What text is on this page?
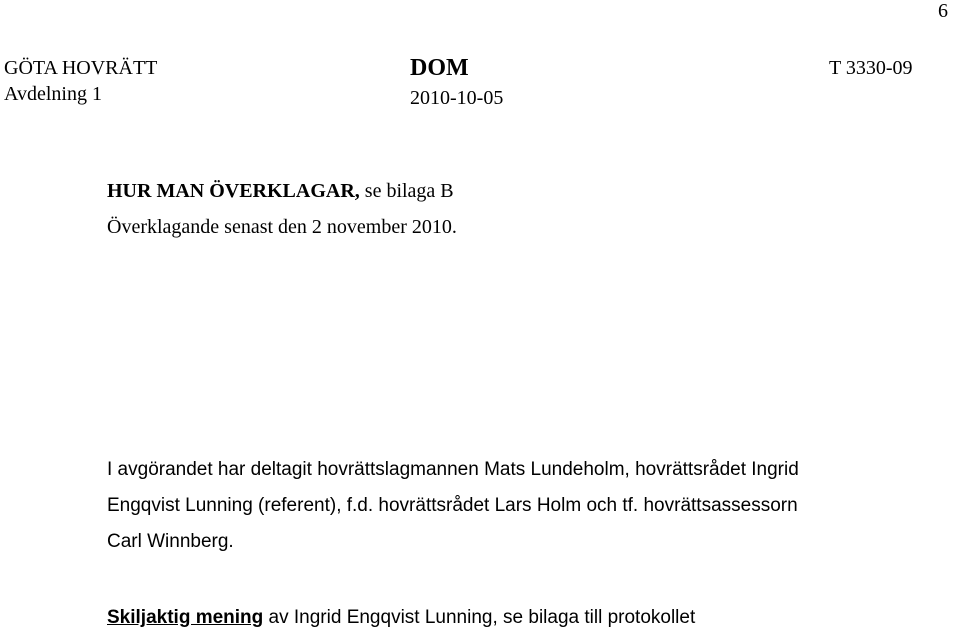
6
GÖTA HOVRÄTT
Avdelning 1
DOM
2010-10-05
T 3330-09
HUR MAN ÖVERKLAGAR, se bilaga B
Överklagande senast den 2 november 2010.
I avgörandet har deltagit hovrättslagmannen Mats Lundeholm, hovrättsrådet Ingrid
Engqvist Lunning (referent), f.d. hovrättsrådet Lars Holm och tf. hovrättsassessorn
Carl Winnberg.
Skiljaktig mening av Ingrid Engqvist Lunning, se bilaga till protokollet
